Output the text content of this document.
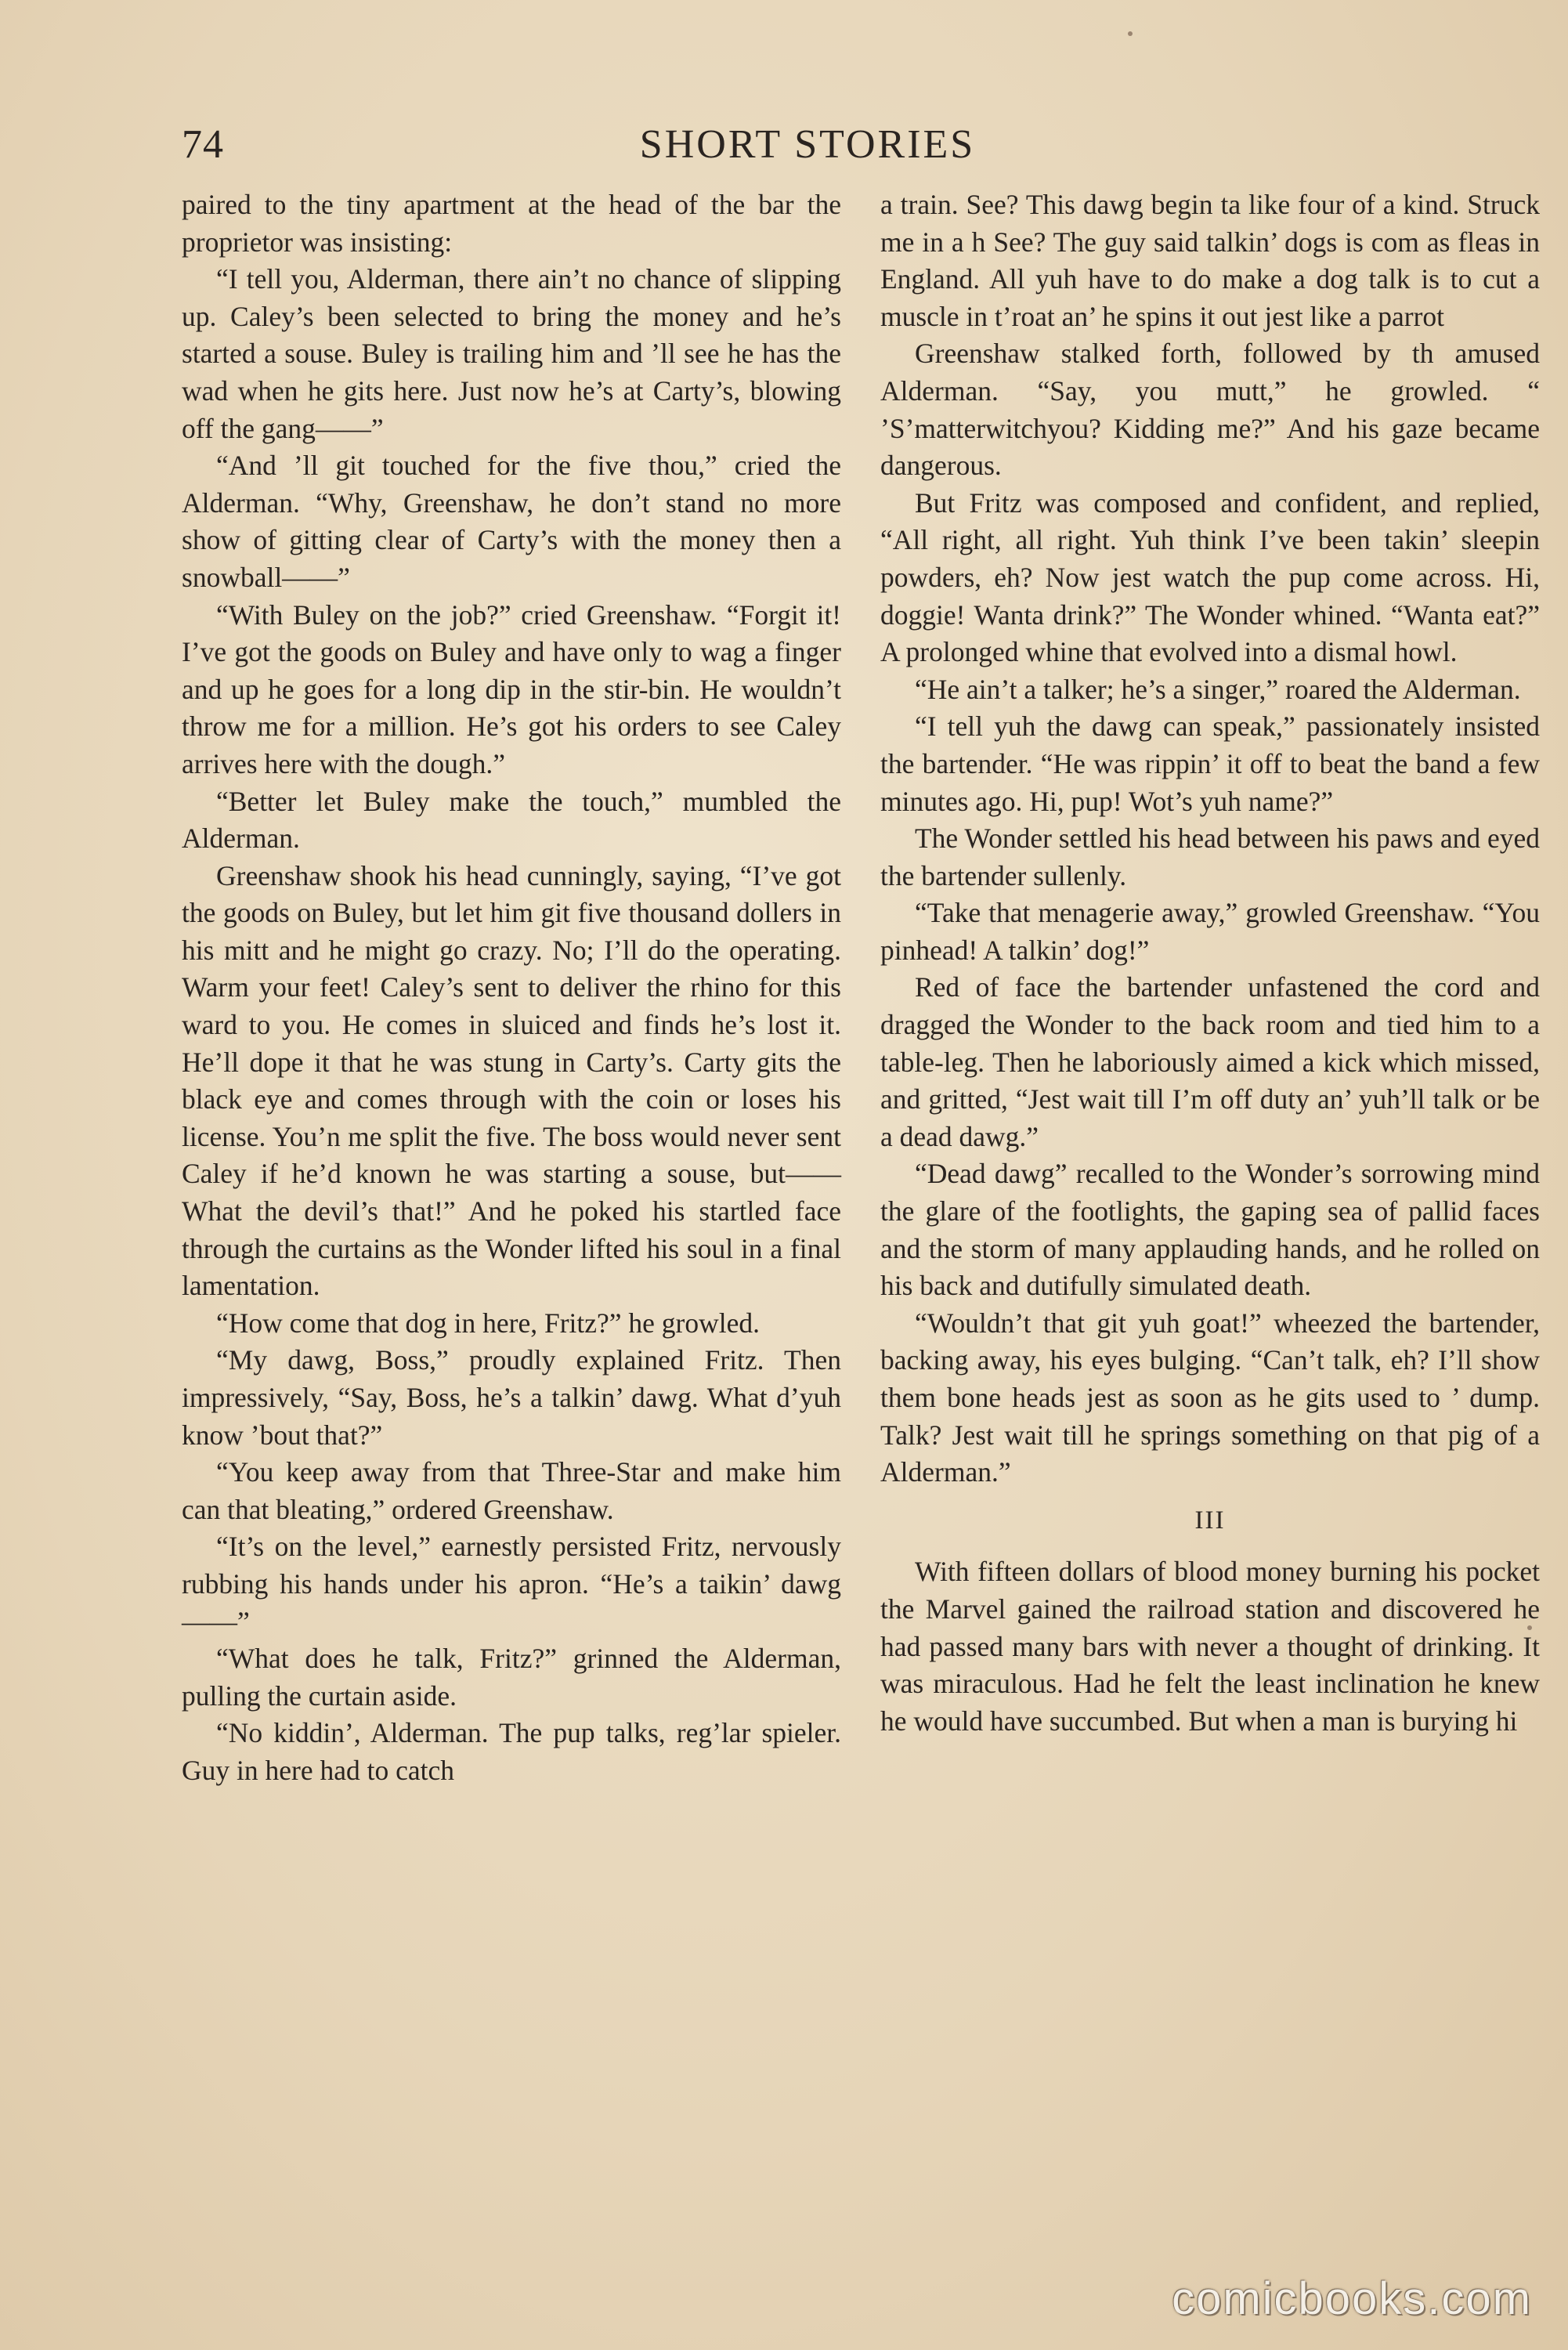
74	SHORT STORIES

paired to the tiny apartment at the head of the bar the proprietor was insisting:

“I tell you, Alderman, there ain’t no chance of slipping up. Caley’s been selected to bring the money and he’s started a souse. Buley is trailing him and ’ll see he has the wad when he gits here. Just now he’s at Carty’s, blowing off the gang——”

“And ’ll git touched for the five thou,” cried the Alderman. “Why, Greenshaw, he don’t stand no more show of gitting clear of Carty’s with the money then a snowball——”

“With Buley on the job?” cried Greenshaw. “Forgit it! I’ve got the goods on Buley and have only to wag a finger and up he goes for a long dip in the stir-bin. He wouldn’t throw me for a million. He’s got his orders to see Caley arrives here with the dough.”

“Better let Buley make the touch,” mumbled the Alderman.

Greenshaw shook his head cunningly, saying, “I’ve got the goods on Buley, but let him git five thousand dollers in his mitt and he might go crazy. No; I’ll do the operating. Warm your feet! Caley’s sent to deliver the rhino for this ward to you. He comes in sluiced and finds he’s lost it. He’ll dope it that he was stung in Carty’s. Carty gits the black eye and comes through with the coin or loses his license. You’n me split the five. The boss would never sent Caley if he’d known he was starting a souse, but—— What the devil’s that!” And he poked his startled face through the curtains as the Wonder lifted his soul in a final lamentation.

“How come that dog in here, Fritz?” he growled.

“My dawg, Boss,” proudly explained Fritz. Then impressively, “Say, Boss, he’s a talkin’ dawg. What d’yuh know ’bout that?”

“You keep away from that Three-Star and make him can that bleating,” ordered Greenshaw.

“It’s on the level,” earnestly persisted Fritz, nervously rubbing his hands under his apron. “He’s a taikin’ dawg——”

“What does he talk, Fritz?” grinned the Alderman, pulling the curtain aside.

“No kiddin’, Alderman. The pup talks, reg’lar spieler. Guy in here had to catch

a train. See? This dawg begin ta like four of a kind. Struck me in a h See? The guy said talkin’ dogs is com as fleas in England. All yuh have to do make a dog talk is to cut a muscle in t’roat an’ he spins it out jest like a parrot

Greenshaw stalked forth, followed by th amused Alderman. “Say, you mutt,” he growled. “ ’S’matterwitchyou? Kidding me?” And his gaze became dangerous.

But Fritz was composed and confident, and replied, “All right, all right. Yuh think I’ve been takin’ sleepin powders, eh? Now jest watch the pup come across. Hi, doggie! Wanta drink?” The Wonder whined. “Wanta eat?” A prolonged whine that evolved into a dismal howl.

“He ain’t a talker; he’s a singer,” roared the Alderman.

“I tell yuh the dawg can speak,” passionately insisted the bartender. “He was rippin’ it off to beat the band a few minutes ago. Hi, pup! Wot’s yuh name?”

The Wonder settled his head between his paws and eyed the bartender sullenly.

“Take that menagerie away,” growled Greenshaw. “You pinhead! A talkin’ dog!”

Red of face the bartender unfastened the cord and dragged the Wonder to the back room and tied him to a table-leg. Then he laboriously aimed a kick which missed, and gritted, “Jest wait till I’m off duty an’ yuh’ll talk or be a dead dawg.”

“Dead dawg” recalled to the Wonder’s sorrowing mind the glare of the footlights, the gaping sea of pallid faces and the storm of many applauding hands, and he rolled on his back and dutifully simulated death.

“Wouldn’t that git yuh goat!” wheezed the bartender, backing away, his eyes bulging. “Can’t talk, eh? I’ll show them bone heads jest as soon as he gits used to ’ dump. Talk? Jest wait till he springs something on that pig of a Alderman.”

III

With fifteen dollars of blood money burning his pocket the Marvel gained the railroad station and discovered he had passed many bars with never a thought of drinking. It was miraculous. Had he felt the least inclination he knew he would have succumbed. But when a man is burying hi

comicbooks.com
